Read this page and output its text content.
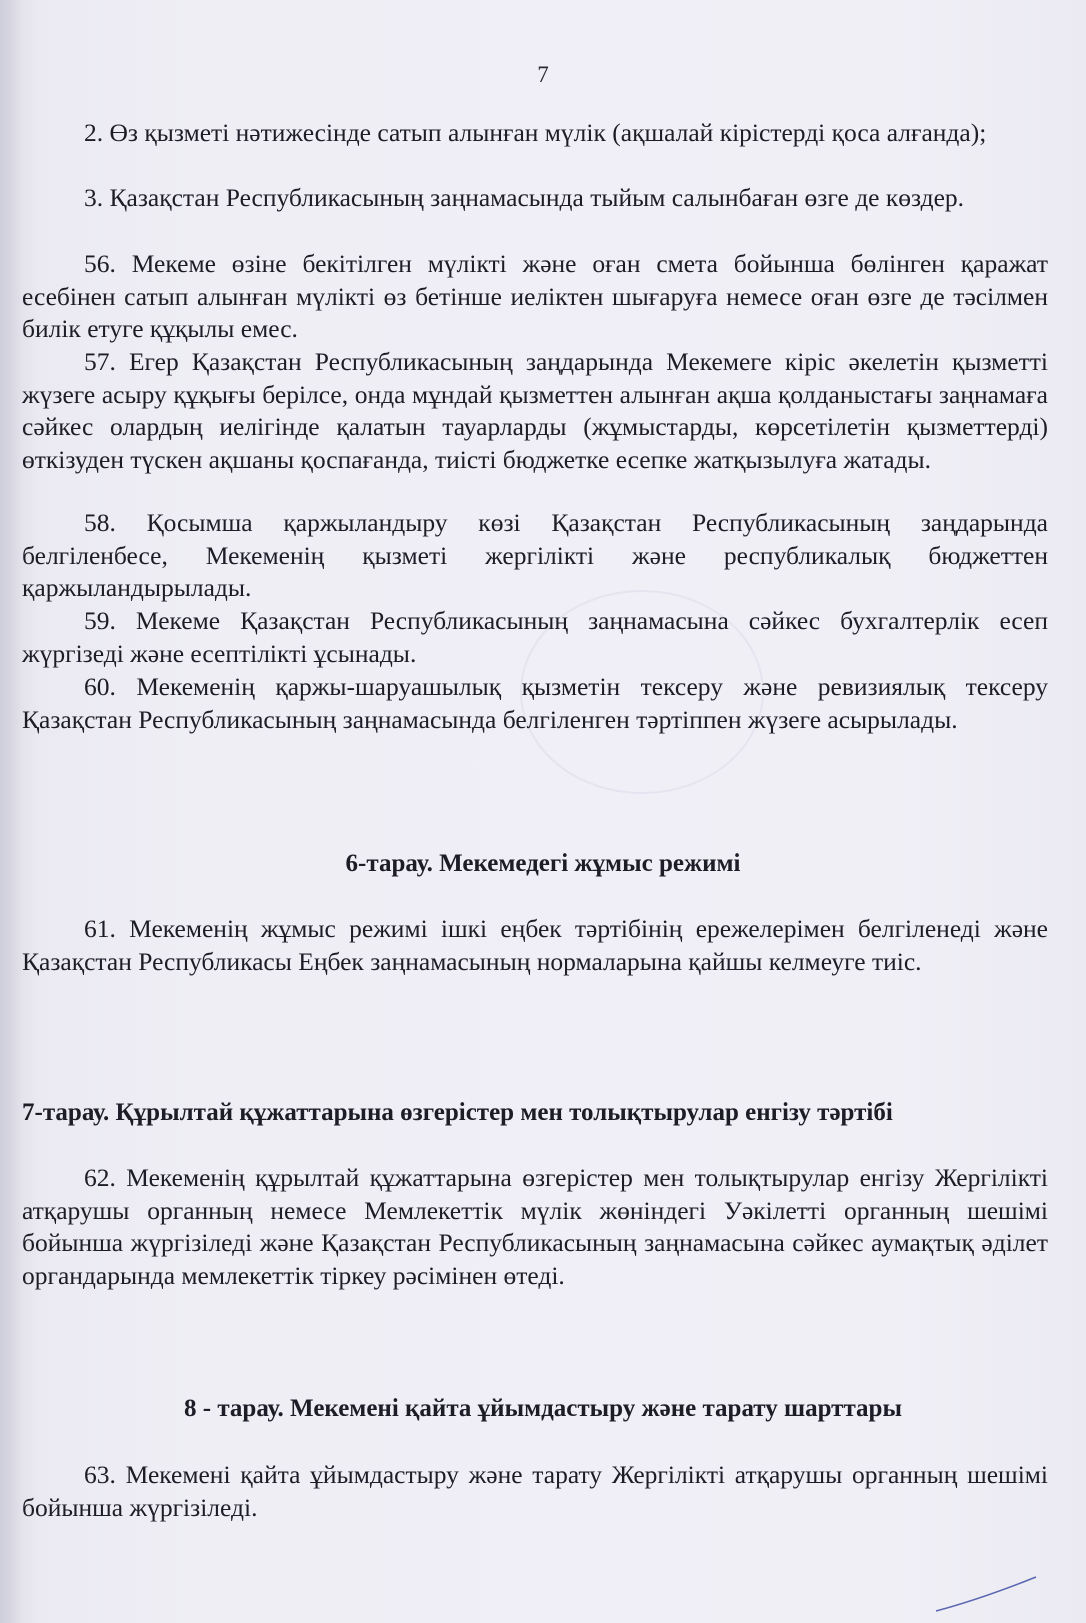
7
2. Өз қызметі нәтижесінде сатып алынған мүлік (ақшалай кірістерді қоса алғанда);
3. Қазақстан Республикасының заңнамасында тыйым салынбаған өзге де көздер.
56. Мекеме өзіне бекітілген мүлікті және оған смета бойынша бөлінген қаражат есебінен сатып алынған мүлікті өз бетінше иеліктен шығаруға немесе оған өзге де тәсілмен билік етуге құқылы емес.
57. Егер Қазақстан Республикасының заңдарында Мекемеге кіріс әкелетін қызметті жүзеге асыру құқығы берілсе, онда мұндай қызметтен алынған ақша қолданыстағы заңнамаға сәйкес олардың иелігінде қалатын тауарларды (жұмыстарды, көрсетілетін қызметтерді) өткізуден түскен ақшаны қоспағанда, тиісті бюджетке есепке жатқызылуға жатады.
58. Қосымша қаржыландыру көзі Қазақстан Республикасының заңдарында белгіленбесе, Мекеменің қызметі жергілікті және республикалық бюджеттен қаржыландырылады.
59. Мекеме Қазақстан Республикасының заңнамасына сәйкес бухгалтерлік есеп жүргізеді және есептілікті ұсынады.
60. Мекеменің қаржы-шаруашылық қызметін тексеру және ревизиялық тексеру Қазақстан Республикасының заңнамасында белгіленген тәртіппен жүзеге асырылады.
6-тарау. Мекемедегі жұмыс режимі
61. Мекеменің жұмыс режимі ішкі еңбек тәртібінің ережелерімен белгіленеді және Қазақстан Республикасы Еңбек заңнамасының нормаларына қайшы келмеуге тиіс.
7-тарау. Құрылтай құжаттарына өзгерістер мен толықтырулар енгізу тәртібі
62. Мекеменің құрылтай құжаттарына өзгерістер мен толықтырулар енгізу Жергілікті атқарушы органның немесе Мемлекеттік мүлік жөніндегі Уәкілетті органның шешімі бойынша жүргізіледі және Қазақстан Республикасының заңнамасына сәйкес аумақтық әділет органдарында мемлекеттік тіркеу рәсімінен өтеді.
8 - тарау. Мекемені қайта ұйымдастыру және тарату шарттары
63. Мекемені қайта ұйымдастыру және тарату Жергілікті атқарушы органның шешімі бойынша жүргізіледі.
